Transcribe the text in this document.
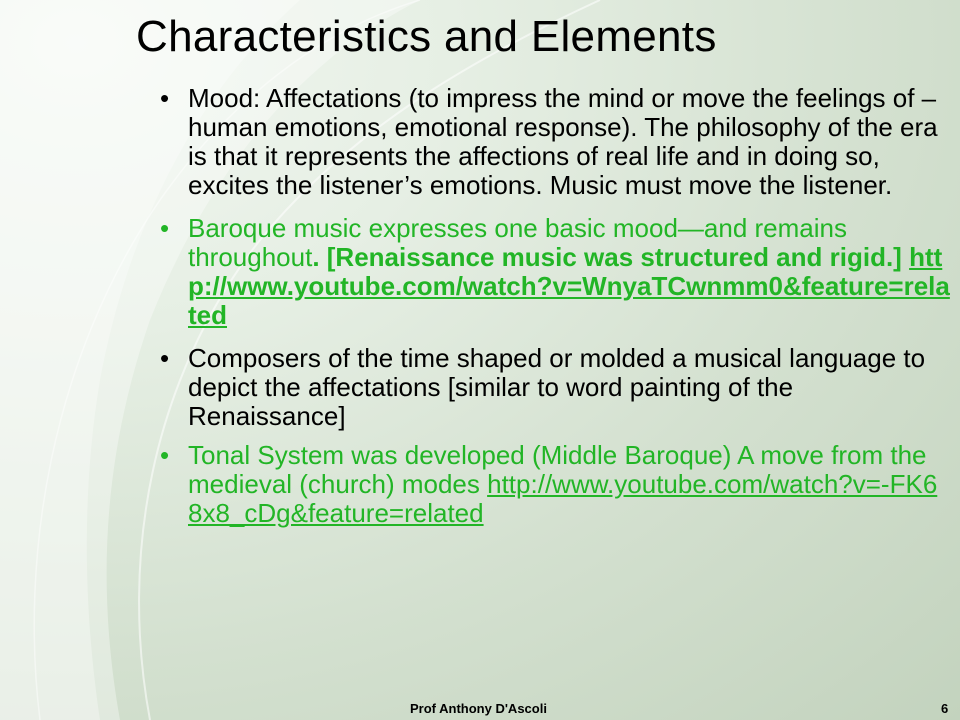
Characteristics and Elements
• Mood: Affectations (to impress the mind or move the feelings of –human emotions, emotional response). The philosophy of the era is that it represents the affections of real life and in doing so, excites the listener’s emotions. Music must move the listener.
• Baroque music expresses one basic mood—and remains throughout. [Renaissance music was structured and rigid.] http://www.youtube.com/watch?v=WnyaTCwnmm0&feature=related
• Composers of the time shaped or molded a musical language to depict the affectations [similar to word painting of the Renaissance]
• Tonal System was developed (Middle Baroque) A move from the medieval (church) modes http://www.youtube.com/watch?v=-FK68x8_cDg&feature=related
Prof Anthony D'Ascoli	6
